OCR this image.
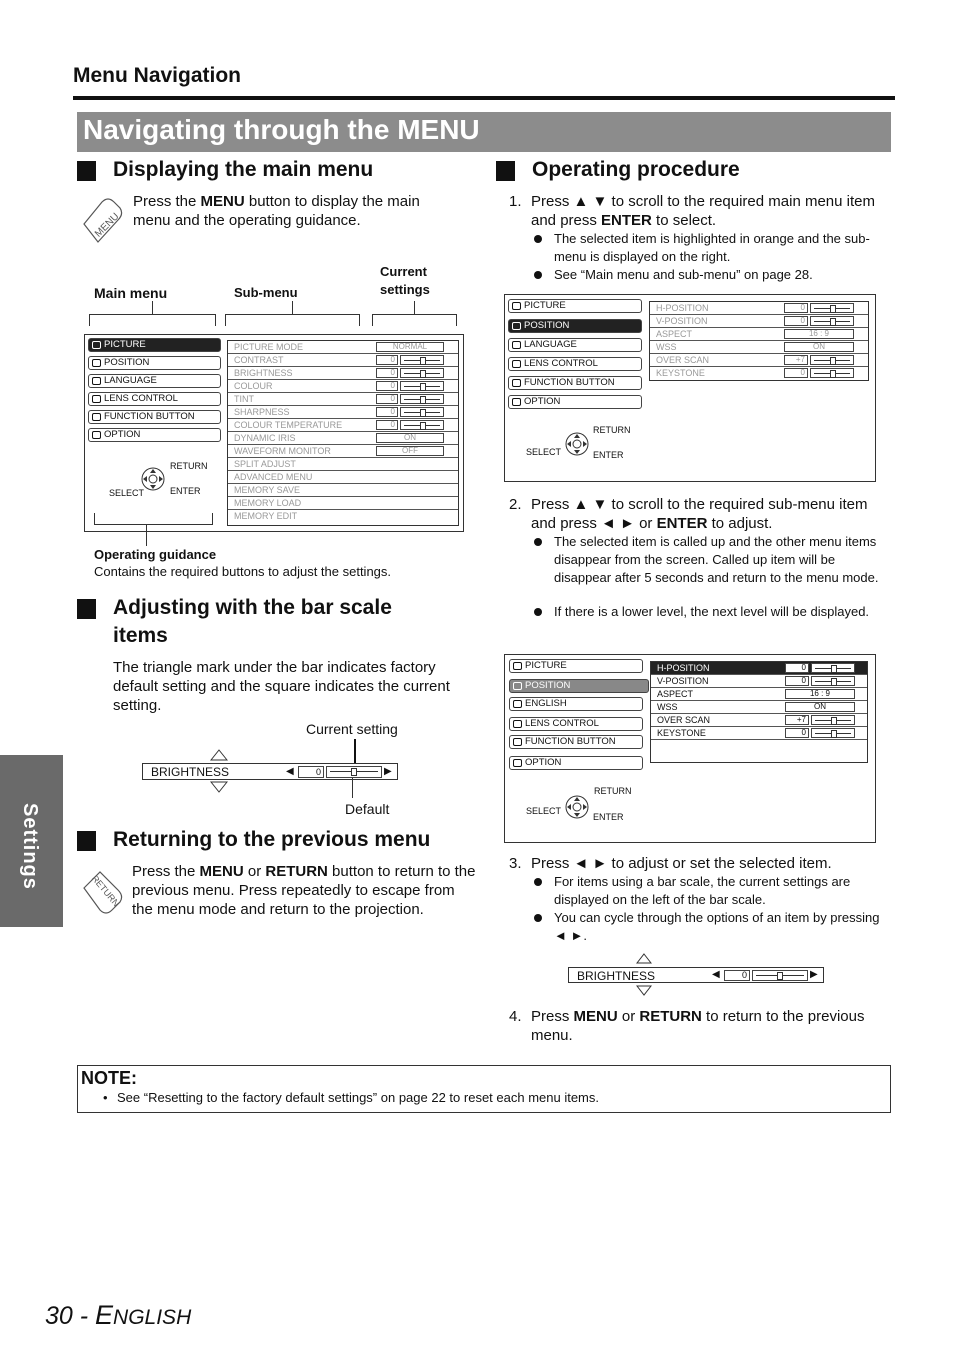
Menu Navigation
Navigating through the MENU
Settings
Displaying the main menu
MENU
Press the MENU button to display the main menu and the operating guidance.
Main menu	Sub-menu
Current settings
PICTURE
POSITION
LANGUAGE
LENS CONTROL
FUNCTION BUTTON
OPTION
RETURN
SELECT	ENTER
PICTURE MODE	NORMAL
CONTRAST	0
BRIGHTNESS	0
COLOUR	0
TINT	0
SHARPNESS	0
COLOUR TEMPERATURE	0
DYNAMIC IRIS	ON
WAVEFORM MONITOR	OFF
SPLIT ADJUST
ADVANCED MENU
MEMORY SAVE
MEMORY LOAD
MEMORY EDIT
Operating guidance
Contains the required buttons to adjust the settings.
Adjusting with the bar scale items
The triangle mark under the bar indicates factory default setting and the square indicates the current setting.
Current setting
BRIGHTNESS	◀	0	▶
Default
Returning to the previous menu
RETURN
Press the MENU or RETURN button to return to the previous menu. Press repeatedly to escape from the menu mode and return to the projection.
Operating procedure
1. Press ▲ ▼ to scroll to the required main menu item and press ENTER to select.
The selected item is highlighted in orange and the sub-menu is displayed on the right.
See “Main menu and sub-menu” on page 28.
PICTURE
POSITION
LANGUAGE
LENS CONTROL
FUNCTION BUTTON
OPTION
RETURN
SELECT	ENTER
H-POSITION	0
V-POSITION	0
ASPECT	16 : 9
WSS	ON
OVER SCAN	+7
KEYSTONE	0
2. Press ▲ ▼ to scroll to the required sub-menu item and press ◄ ► or ENTER to adjust.
The selected item is called up and the other menu items disappear from the screen. Called up item will be disappear after 5 seconds and return to the menu mode.
If there is a lower level, the next level will be displayed.
PICTURE
POSITION
ENGLISH
LENS CONTROL
FUNCTION BUTTON
OPTION
RETURN
SELECT
ENTER
H-POSITION	0
V-POSITION	0
ASPECT	16 : 9
WSS	ON
OVER SCAN	+7
KEYSTONE	0
3. Press ◄ ► to adjust or set the selected item.
For items using a bar scale, the current settings are displayed on the left of the bar scale.
You can cycle through the options of an item by pressing ◄ ►.
BRIGHTNESS	◀	0	▶
4. Press MENU or RETURN to return to the previous menu.
NOTE:
• See “Resetting to the factory default settings” on page 22 to reset each menu items.
30 - ENGLISH
